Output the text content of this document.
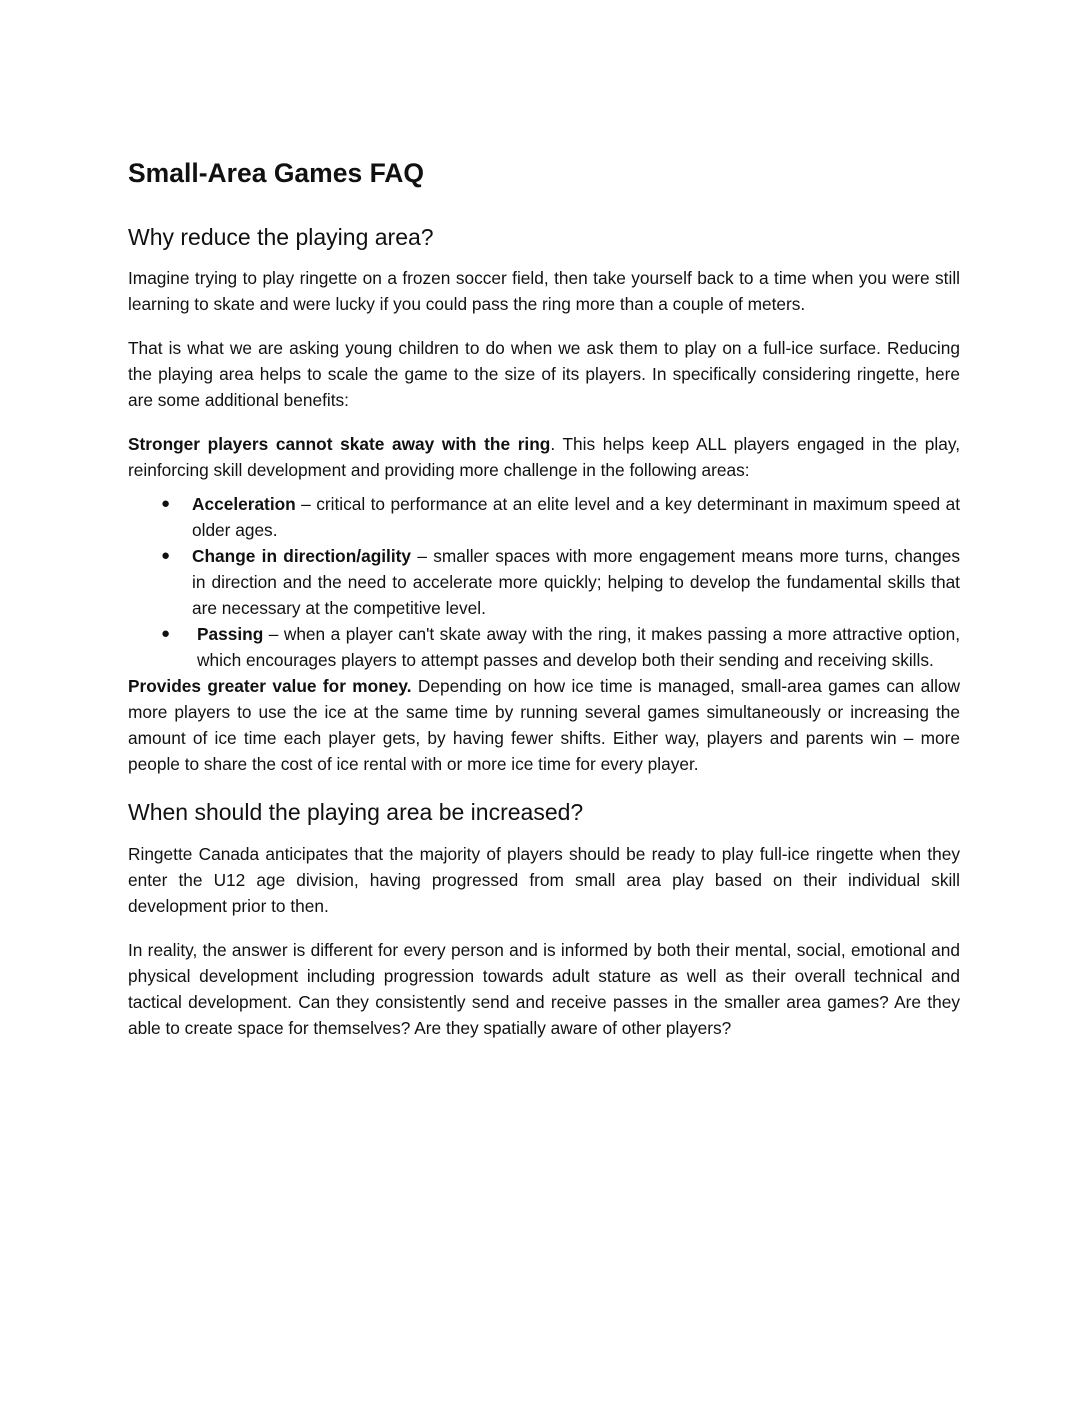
Small-Area Games FAQ
Why reduce the playing area?

Imagine trying to play ringette on a frozen soccer field, then take yourself back to a time when you were still learning to skate and were lucky if you could pass the ring more than a couple of meters.

That is what we are asking young children to do when we ask them to play on a full-ice surface. Reducing the playing area helps to scale the game to the size of its players. In specifically considering ringette, here are some additional benefits:

Stronger players cannot skate away with the ring. This helps keep ALL players engaged in the play, reinforcing skill development and providing more challenge in the following areas:

● Acceleration – critical to performance at an elite level and a key determinant in maximum speed at older ages.
● Change in direction/agility – smaller spaces with more engagement means more turns, changes in direction and the need to accelerate more quickly; helping to develop the fundamental skills that are necessary at the competitive level.
● Passing – when a player can't skate away with the ring, it makes passing a more attractive option, which encourages players to attempt passes and develop both their sending and receiving skills.

Provides greater value for money. Depending on how ice time is managed, small-area games can allow more players to use the ice at the same time by running several games simultaneously or increasing the amount of ice time each player gets, by having fewer shifts. Either way, players and parents win – more people to share the cost of ice rental with or more ice time for every player.

When should the playing area be increased?

Ringette Canada anticipates that the majority of players should be ready to play full-ice ringette when they enter the U12 age division, having progressed from small area play based on their individual skill development prior to then.

In reality, the answer is different for every person and is informed by both their mental, social, emotional and physical development including progression towards adult stature as well as their overall technical and tactical development. Can they consistently send and receive passes in the smaller area games? Are they able to create space for themselves? Are they spatially aware of other players?
